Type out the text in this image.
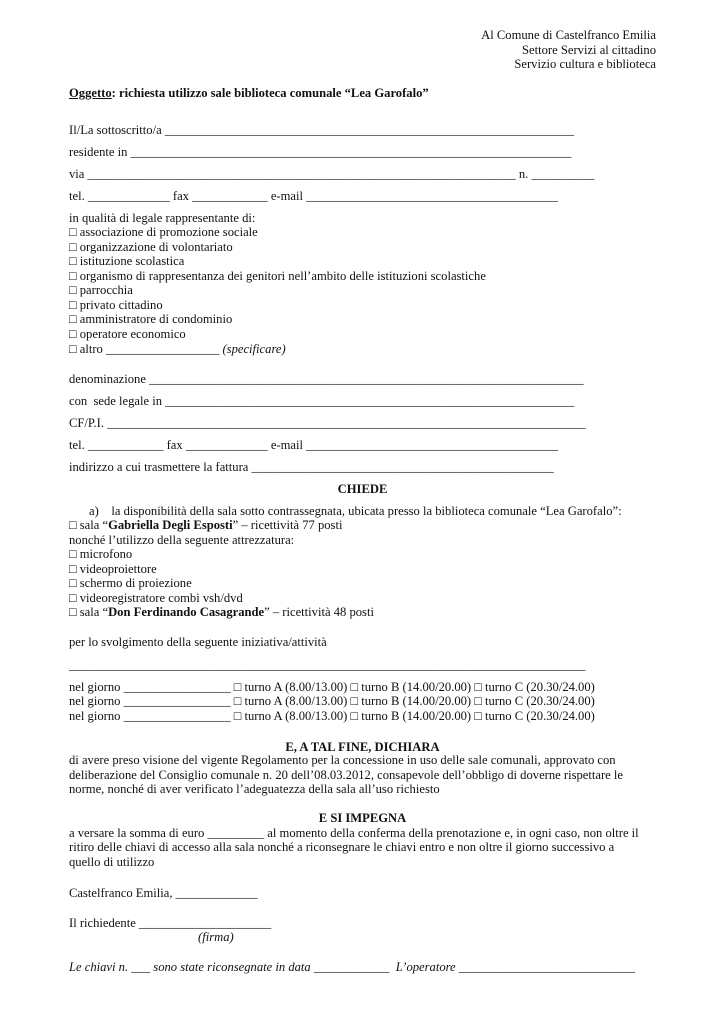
Al Comune di Castelfranco Emilia
Settore Servizi al cittadino
Servizio cultura e biblioteca
Oggetto: richiesta utilizzo sale biblioteca comunale “Lea Garofalo”
Il/La sottoscritto/a _________________________________________________________________
residente in ______________________________________________________________________
via ____________________________________________________________________ n. __________
tel. _____________ fax ____________ e-mail ________________________________________
in qualità di legale rappresentante di:
□ associazione di promozione sociale
□ organizzazione di volontariato
□ istituzione scolastica
□ organismo di rappresentanza dei genitori nell’ambito delle istituzioni scolastiche
□ parrocchia
□ privato cittadino
□ amministratore di condominio
□ operatore economico
□ altro __________________ (specificare)
denominazione _____________________________________________________________________
con  sede legale in _________________________________________________________________
CF/P.I. ____________________________________________________________________________
tel. ____________ fax _____________ e-mail ________________________________________
indirizzo a cui trasmettere la fattura ________________________________________________
CHIEDE
a)    la disponibilità della sala sotto contrassegnata, ubicata presso la biblioteca comunale “Lea Garofalo”:
□ sala “Gabriella Degli Esposti” – ricettività 77 posti
nonché l’utilizzo della seguente attrezzatura:
□ microfono
□ videoproiettore
□ schermo di proiezione
□ videoregistratore combi vsh/dvd
□ sala “Don Ferdinando Casagrande” – ricettività 48 posti
per lo svolgimento della seguente iniziativa/attività
__________________________________________________________________________________
nel giorno _________________ □ turno A (8.00/13.00) □ turno B (14.00/20.00) □ turno C (20.30/24.00)
nel giorno _________________ □ turno A (8.00/13.00) □ turno B (14.00/20.00) □ turno C (20.30/24.00)
nel giorno _________________ □ turno A (8.00/13.00) □ turno B (14.00/20.00) □ turno C (20.30/24.00)
E, A TAL FINE, DICHIARA
di avere preso visione del vigente Regolamento per la concessione in uso delle sale comunali, approvato con
deliberazione del Consiglio comunale n. 20 dell’08.03.2012, consapevole dell’obbligo di doverne rispettare le
norme, nonché di aver verificato l’adeguatezza della sala all’uso richiesto
E SI IMPEGNA
a versare la somma di euro _________ al momento della conferma della prenotazione e, in ogni caso, non oltre il
ritiro delle chiavi di accesso alla sala nonché a riconsegnare le chiavi entro e non oltre il giorno successivo a
quello di utilizzo
Castelfranco Emilia, _____________
Il richiedente _____________________
(firma)
Le chiavi n. ___ sono state riconsegnate in data ____________  L’operatore ____________________________
